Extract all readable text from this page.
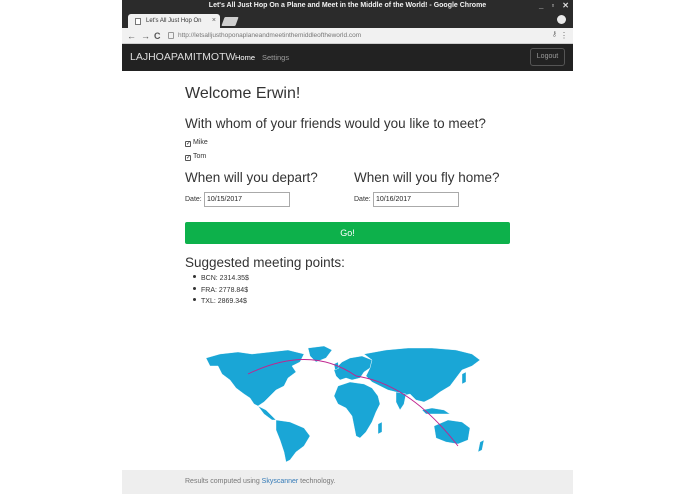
Let's All Just Hop On a Plane and Meet in the Middle of the World! - Google Chrome	_ ▫ ✕
Let's All Just Hop On ×
← → C	http://letsalljusthoponaplaneandmeetinthemiddleoftheworld.com	⚷ ⋮
LAJHOAPAMITMOTW Home Settings	Logout
Welcome Erwin!
With whom of your friends would you like to meet?
✓ Mike
✓ Tom
When will you depart?	When will you fly home?
Date: 10/15/2017	Date: 10/16/2017
Go!
Suggested meeting points:
BCN: 2314.35$
FRA: 2778.84$
TXL: 2869.34$
Results computed using Skyscanner technology.
